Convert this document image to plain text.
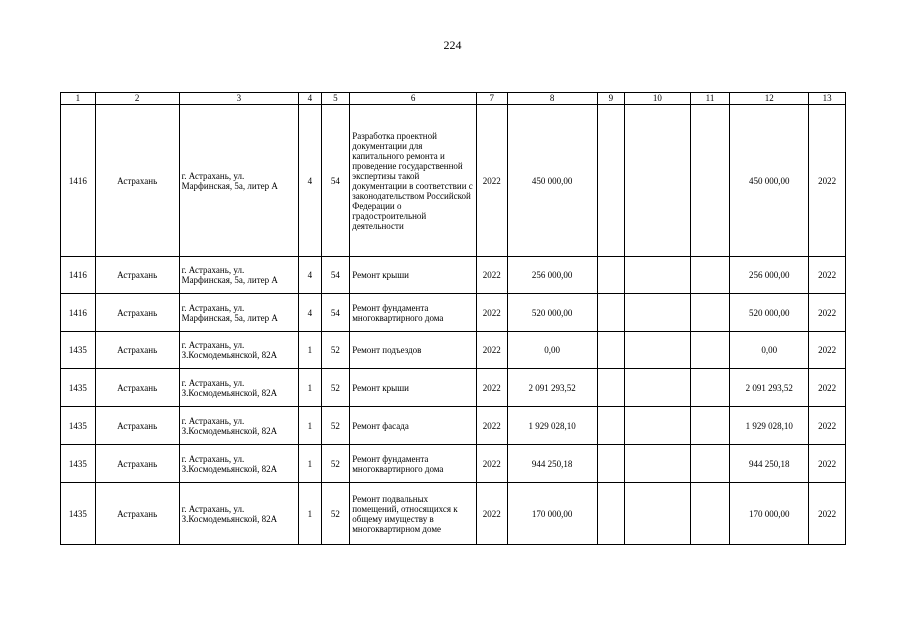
224
1	2	3	4	5	6	7	8	9	10	11	12	13
1416	Астрахань	г. Астрахань, ул. Марфинская, 5а, литер А	4	54	Разработка проектной документации для капитального ремонта и проведение государственной экспертизы такой документации в соответствии с законодательством Российской Федерации о градостроительной деятельности	2022	450 000,00				450 000,00	2022
1416	Астрахань	г. Астрахань, ул. Марфинская, 5а, литер А	4	54	Ремонт крыши	2022	256 000,00				256 000,00	2022
1416	Астрахань	г. Астрахань, ул. Марфинская, 5а, литер А	4	54	Ремонт фундамента многоквартирного дома	2022	520 000,00				520 000,00	2022
1435	Астрахань	г. Астрахань, ул. З.Космодемьянской, 82А	1	52	Ремонт подъездов	2022	0,00				0,00	2022
1435	Астрахань	г. Астрахань, ул. З.Космодемьянской, 82А	1	52	Ремонт крыши	2022	2 091 293,52				2 091 293,52	2022
1435	Астрахань	г. Астрахань, ул. З.Космодемьянской, 82А	1	52	Ремонт фасада	2022	1 929 028,10				1 929 028,10	2022
1435	Астрахань	г. Астрахань, ул. З.Космодемьянской, 82А	1	52	Ремонт фундамента многоквартирного дома	2022	944 250,18				944 250,18	2022
1435	Астрахань	г. Астрахань, ул. З.Космодемьянской, 82А	1	52	Ремонт подвальных помещений, относящихся к общему имуществу в многоквартирном доме	2022	170 000,00				170 000,00	2022
